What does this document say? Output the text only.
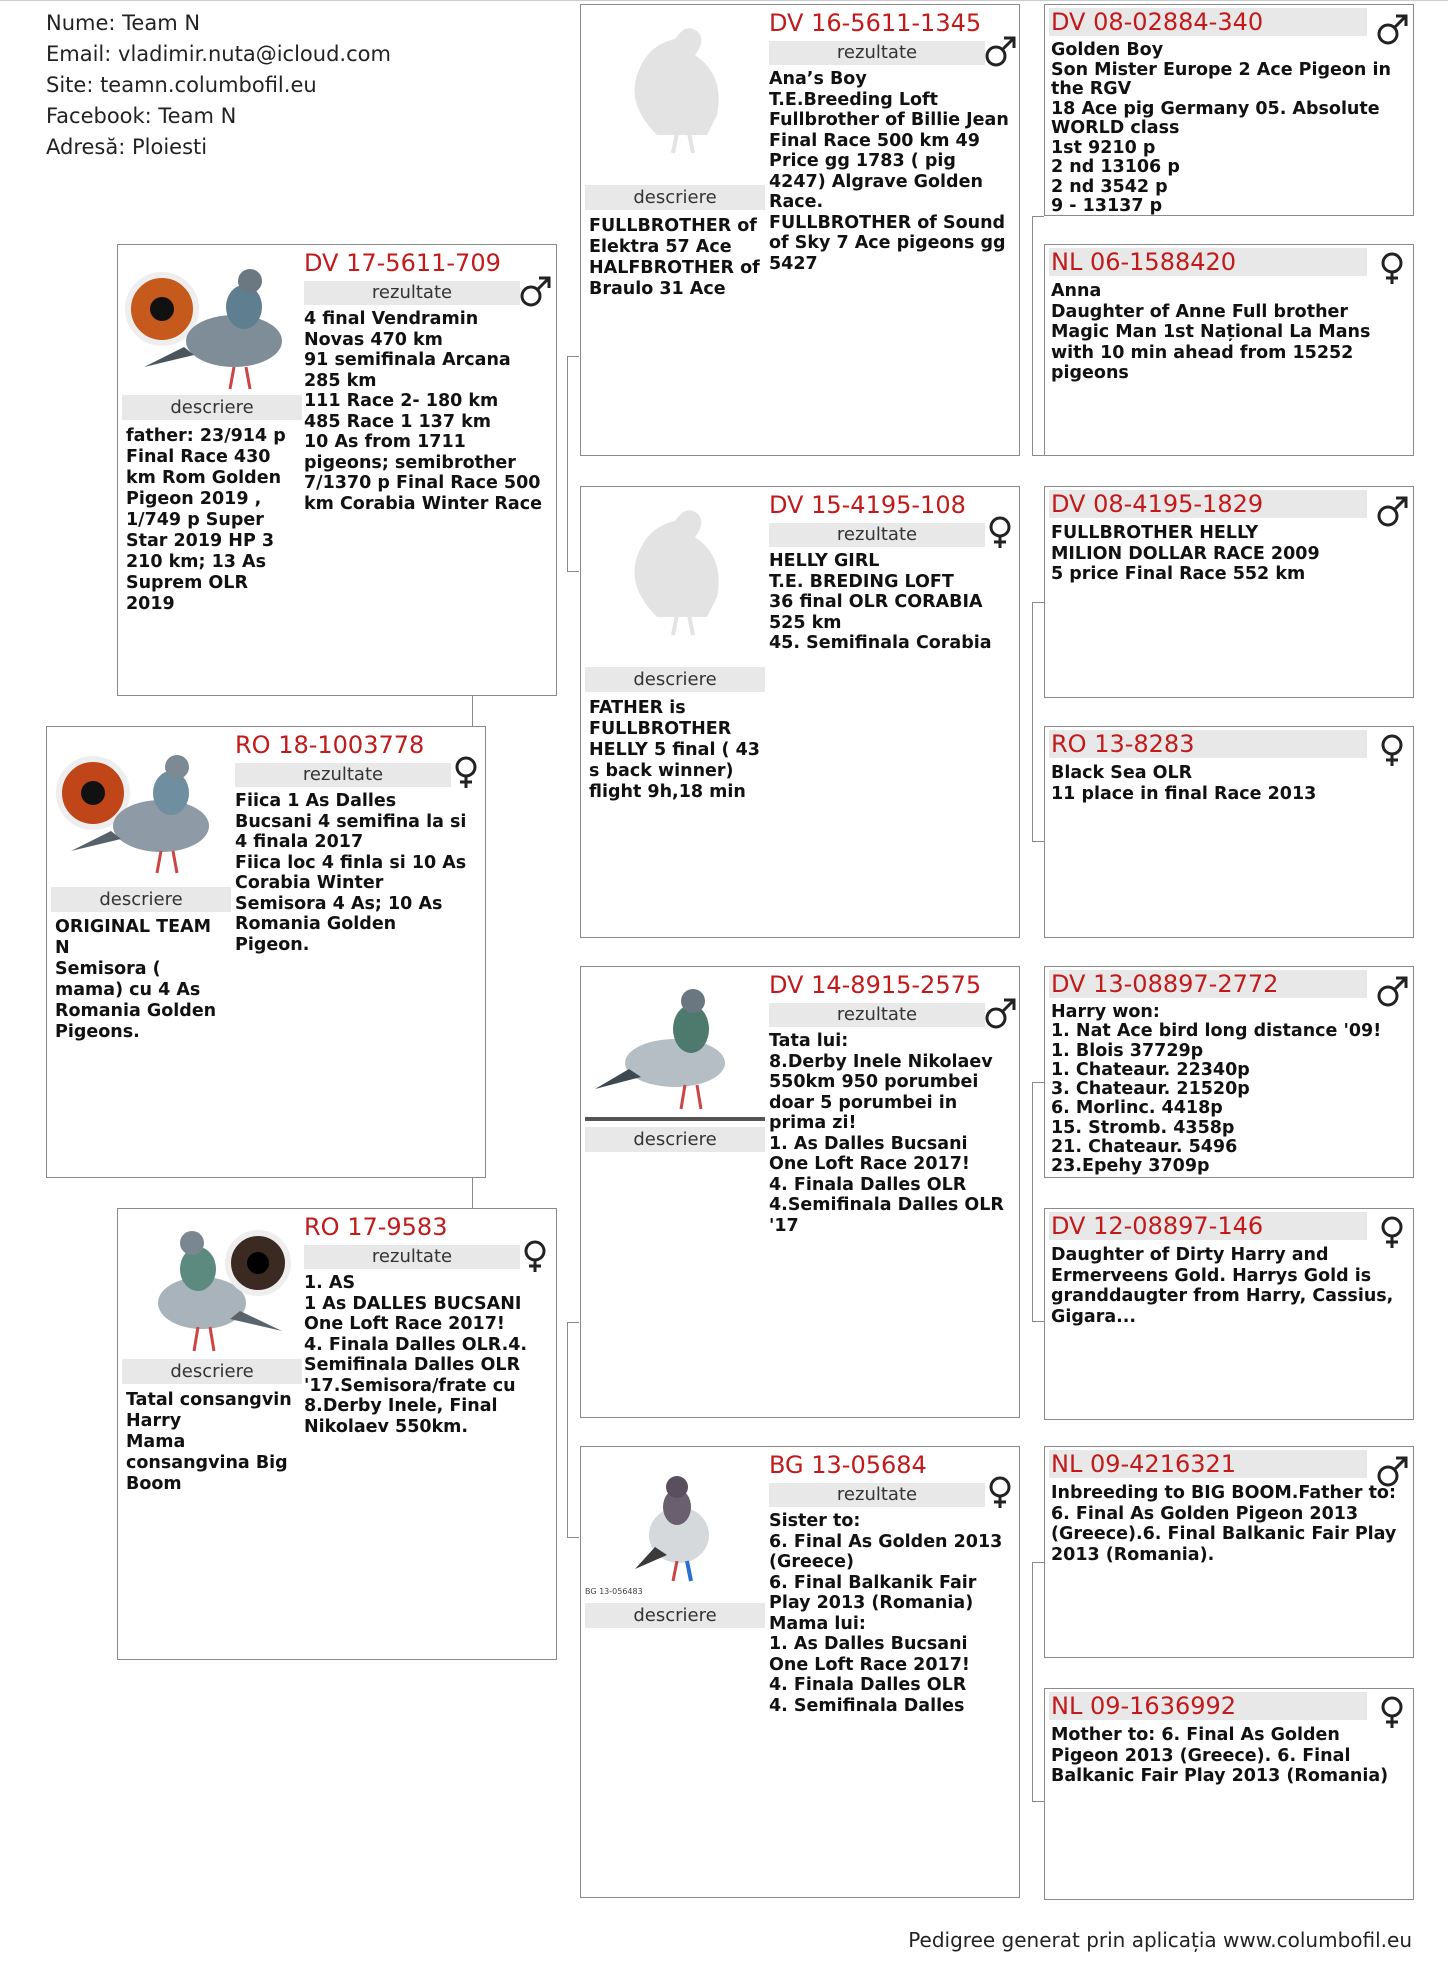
Nume: Team N
Email: vladimir.nuta@icloud.com
Site: teamn.columbofil.eu
Facebook: Team N
Adresă: Ploiesti
descriere
ORIGINAL TEAM N
Semisora ( mama) cu 4 As Romania Golden Pigeons.
RO 18-1003778
rezultate
Fiica 1 As Dalles Bucsani 4 semifina la si 4 finala 2017
Fiica loc 4 finla si 10 As Corabia Winter Semisora 4 As; 10 As Romania Golden Pigeon.
descriere
father: 23/914 p Final Race 430 km Rom Golden Pigeon 2019 , 1/749 p Super Star 2019 HP 3 210 km; 13 As Suprem OLR 2019
DV 17-5611-709
rezultate
4 final Vendramin Novas 470 km
91 semifinala Arcana 285 km
111 Race 2- 180 km
485 Race 1 137 km
10 As from 1711 pigeons; semibrother 7/1370 p Final Race 500 km Corabia Winter Race
descriere
Tatal consangvin Harry
Mama consangvina Big Boom
RO 17-9583
rezultate
1. AS
1 As DALLES BUCSANI One Loft Race 2017!
4. Finala Dalles OLR.4. Semifinala Dalles OLR '17.Semisora/frate cu 8.Derby Inele, Final Nikolaev 550km.
descriere
FULLBROTHER of Elektra 57 Ace
HALFBROTHER of Braulo 31 Ace
DV 16-5611-1345
rezultate
Ana’s Boy
T.E.Breeding Loft
Fullbrother of Billie Jean Final Race 500 km 49 Price gg 1783 ( pig 4247) Algrave Golden Race.
FULLBROTHER of Sound of Sky 7 Ace pigeons gg 5427
descriere
FATHER is FULLBROTHER HELLY 5 final ( 43 s back winner) flight 9h,18 min
DV 15-4195-108
rezultate
HELLY GIRL
T.E. BREDING LOFT
36 final OLR CORABIA 525 km
45. Semifinala Corabia
descriere
DV 14-8915-2575
rezultate
Tata lui:
8.Derby Inele Nikolaev 550km 950 porumbei doar 5 porumbei in prima zi!
1. As Dalles Bucsani One Loft Race 2017!
4. Finala Dalles OLR
4.Semifinala Dalles OLR '17
BG 13-056483
descriere
BG 13-05684
rezultate
Sister to:
6. Final As Golden 2013 (Greece)
6. Final Balkanik Fair Play 2013 (Romania)
Mama lui:
1. As Dalles Bucsani One Loft Race 2017!
4. Finala Dalles OLR
4. Semifinala Dalles
DV 08-02884-340
Golden Boy
Son Mister Europe 2 Ace Pigeon in the RGV
18 Ace pig Germany 05. Absolute WORLD class
1st 9210 p
2 nd 13106 p
2 nd 3542 p
9 - 13137 p
NL 06-1588420
Anna
Daughter of Anne Full brother Magic Man 1st Național La Mans with 10 min ahead from 15252 pigeons
DV 08-4195-1829
FULLBROTHER HELLY
MILION DOLLAR RACE 2009
5 price Final Race 552 km
RO 13-8283
Black Sea OLR
11 place in final Race 2013
DV 13-08897-2772
Harry won:
1. Nat Ace bird long distance '09!
1. Blois 37729p
1. Chateaur. 22340p
3. Chateaur. 21520p
6. Morlinc. 4418p
15. Stromb. 4358p
21. Chateaur. 5496
23.Epehy 3709p
DV 12-08897-146
Daughter of Dirty Harry and Ermerveens Gold. Harrys Gold is granddaugter from Harry, Cassius, Gigara...
NL 09-4216321
Inbreeding to BIG BOOM.Father to: 6. Final As Golden Pigeon 2013 (Greece).6. Final Balkanic Fair Play 2013 (Romania).
NL 09-1636992
Mother to: 6. Final As Golden Pigeon 2013 (Greece). 6. Final Balkanic Fair Play 2013 (Romania)
Pedigree generat prin aplicația www.columbofil.eu
